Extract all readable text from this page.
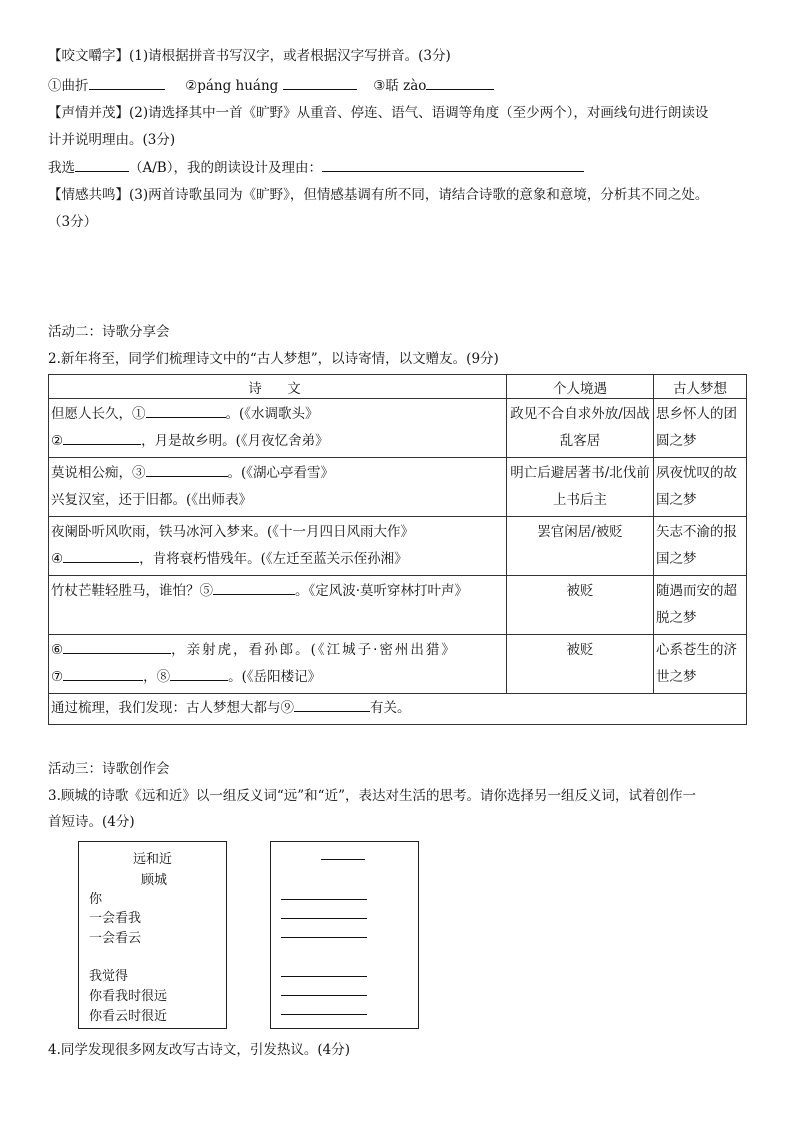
【咬文嚼字】(1)请根据拼音书写汉字，或者根据汉字写拼音。(3分)
①曲折	②páng huáng	③聒 zào
【声情并茂】(2)请选择其中一首《旷野》从重音、停连、语气、语调等角度（至少两个），对画线句进行朗读设
计并说明理由。(3分)
我选	（A/B），我的朗读设计及理由：
【情感共鸣】(3)两首诗歌虽同为《旷野》，但情感基调有所不同，请结合诗歌的意象和意境，分析其不同之处。
（3分）
活动二：诗歌分享会
2.新年将至，同学们梳理诗文中的“古人梦想”，以诗寄情，以文赠友。(9分)
诗　文	个人境遇	古人梦想

但愿人长久，① 。(《水调歌头》
② ，月是故乡明。(《月夜忆舍弟》	政见不合自求外放/因战乱客居	思乡怀人的团圆之梦

莫说相公痴，③ 。(《湖心亭看雪》
兴复汉室，还于旧都。(《出师表》	明亡后避居著书/北伐前上书后主	夙夜忧叹的故国之梦

夜阑卧听风吹雨，铁马冰河入梦来。(《十一月四日风雨大作》
④ ，肯将衰朽惜残年。(《左迁至蓝关示侄孙湘》	罢官闲居/被贬	矢志不渝的报国之梦

竹杖芒鞋轻胜马，谁怕？⑤ 。《定风波·莫听穿林打叶声》	被贬	随遇而安的超脱之梦

⑥ ，亲射虎，看孙郎。(《江城子·密州出猎》
⑦ ，⑧ 。(《岳阳楼记》	被贬	心系苍生的济世之梦
通过梳理，我们发现：古人梦想大都与⑨ 有关。		
活动三：诗歌创作会
3.顾城的诗歌《远和近》以一组反义词“远”和“近”，表达对生活的思考。请你选择另一组反义词，试着创作一
首短诗。(4分)
远和近
顾城
你
一会看我
一会看云
我觉得
你看我时很远
你看云时很近
4.同学发现很多网友改写古诗文，引发热议。(4分)
